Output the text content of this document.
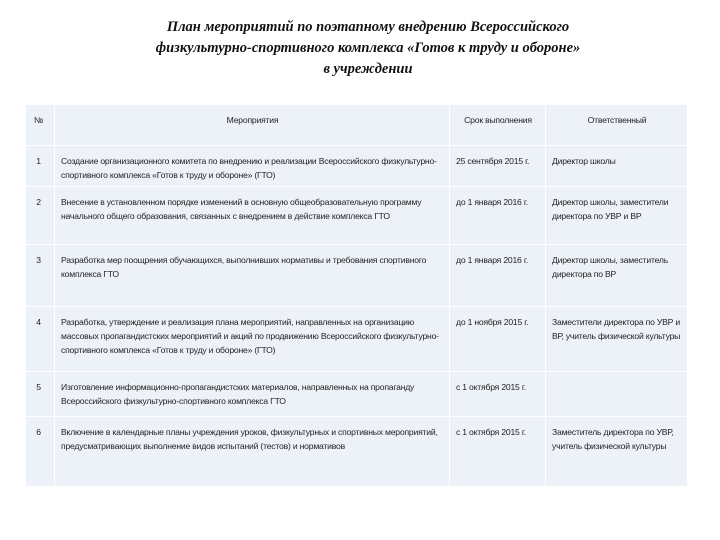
План мероприятий по поэтапному внедрению Всероссийского
физкультурно-спортивного комплекса «Готов к труду и обороне»
в учреждении
№	Мероприятия	Срок выполнения	Ответственный
1	Создание организационного комитета по внедрению и реализации Всероссийского физкультурно-спортивного комплекса «Готов к труду и обороне» (ГТО)	25 сентября 2015 г.	Директор школы
2	Внесение в установленном порядке изменений в основную общеобразовательную программу начального общего образования, связанных с внедрением в действие комплекса ГТО	до 1 января 2016 г.	Директор школы, заместители директора по УВР и ВР
3	Разработка мер поощрения обучающихся, выполнивших нормативы и требования спортивного комплекса ГТО	до 1 января 2016 г.	Директор школы, заместитель директора по ВР
4	Разработка, утверждение и реализация плана мероприятий, направленных на организацию массовых пропагандистских мероприятий и акций по продвижению Всероссийского физкультурно-спортивного комплекса «Готов к труду и обороне» (ГТО)	до 1 ноября 2015 г.	Заместители директора по УВР и ВР, учитель физической культуры
5	Изготовление информационно-пропагандистских материалов, направленных на пропаганду Всероссийского физкультурно-спортивного комплекса ГТО	с 1 октября 2015 г.	
6	Включение в календарные планы учреждения уроков, физкультурных и спортивных мероприятий, предусматривающих выполнение видов испытаний (тестов) и нормативов	с 1 октября 2015 г.	Заместитель директора по УВР, учитель физической культуры
